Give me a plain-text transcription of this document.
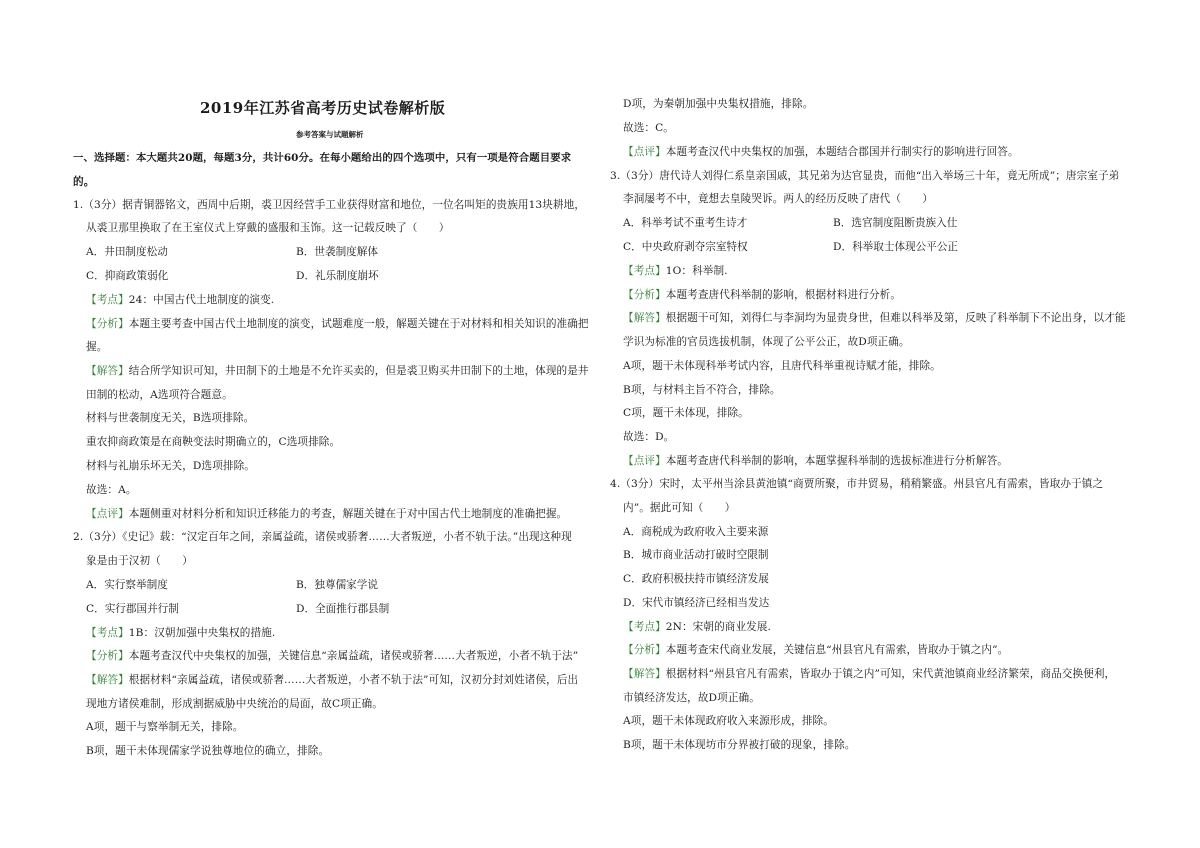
2019年江苏省高考历史试卷解析版
参考答案与试题解析
一、选择题：本大题共20题，每题3分，共计60分。在每小题给出的四个选项中，只有一项是符合题目要求
的。
1.（3分）据青铜器铭文，西周中后期，裘卫因经营手工业获得财富和地位，一位名叫矩的贵族用13块耕地，
从裘卫那里换取了在王室仪式上穿戴的盛服和玉饰。这一记载反映了（　　）
A．井田制度松动	B．世袭制度解体
C．抑商政策弱化	D．礼乐制度崩坏
【考点】24：中国古代土地制度的演变.
【分析】本题主要考查中国古代土地制度的演变，试题难度一般，解题关键在于对材料和相关知识的准确把
握。
【解答】结合所学知识可知，井田制下的土地是不允许买卖的，但是裘卫购买井田制下的土地，体现的是井
田制的松动，A选项符合题意。
材料与世袭制度无关，B选项排除。
重农抑商政策是在商鞅变法时期确立的，C选项排除。
材料与礼崩乐坏无关，D选项排除。
故选：A。
【点评】本题侧重对材料分析和知识迁移能力的考查，解题关键在于对中国古代土地制度的准确把握。
2.（3分）《史记》载：“汉定百年之间，亲属益疏，诸侯或骄奢……大者叛逆，小者不轨于法。”出现这种现
象是由于汉初（　　）
A．实行察举制度	B．独尊儒家学说
C．实行郡国并行制	D．全面推行郡县制
【考点】1B：汉朝加强中央集权的措施.
【分析】本题考查汉代中央集权的加强，关键信息“亲属益疏，诸侯或骄奢……大者叛逆，小者不轨于法”
【解答】根据材料“亲属益疏，诸侯或骄奢……大者叛逆，小者不轨于法”可知，汉初分封刘姓诸侯，后出
现地方诸侯难制，形成割据威胁中央统治的局面，故C项正确。
A项，题干与察举制无关，排除。
B项，题干未体现儒家学说独尊地位的确立，排除。
D项，为秦朝加强中央集权措施，排除。
故选：C。
【点评】本题考查汉代中央集权的加强，本题结合郡国并行制实行的影响进行回答。
3.（3分）唐代诗人刘得仁系皇亲国戚，其兄弟为达官显贵，而他“出入举场三十年，竟无所成”；唐宗室子弟
李洞屡考不中，竟想去皇陵哭诉。两人的经历反映了唐代（　　）
A．科举考试不重考生诗才	B．选官制度阻断贵族入仕
C．中央政府剥夺宗室特权	D．科举取士体现公平公正
【考点】1O：科举制.
【分析】本题考查唐代科举制的影响，根据材料进行分析。
【解答】根据题干可知，刘得仁与李洞均为显贵身世，但难以科举及第，反映了科举制下不论出身，以才能
学识为标准的官员选拔机制，体现了公平公正，故D项正确。
A项，题干未体现科举考试内容，且唐代科举重视诗赋才能，排除。
B项，与材料主旨不符合，排除。
C项，题干未体现，排除。
故选：D。
【点评】本题考查唐代科举制的影响，本题掌握科举制的选拔标准进行分析解答。
4.（3分）宋时，太平州当涂县黄池镇“商贾所聚，市井贸易，稍稍繁盛。州县官凡有需索，皆取办于镇之
内”。据此可知（　　）
A．商税成为政府收入主要来源
B．城市商业活动打破时空限制
C．政府积极扶持市镇经济发展
D．宋代市镇经济已经相当发达
【考点】2N：宋朝的商业发展.
【分析】本题考查宋代商业发展，关键信息“州县官凡有需索，皆取办于镇之内”。
【解答】根据材料“州县官凡有需索，皆取办于镇之内”可知，宋代黄池镇商业经济繁荣，商品交换便利，
市镇经济发达，故D项正确。
A项，题干未体现政府收入来源形成，排除。
B项，题干未体现坊市分界被打破的现象，排除。
